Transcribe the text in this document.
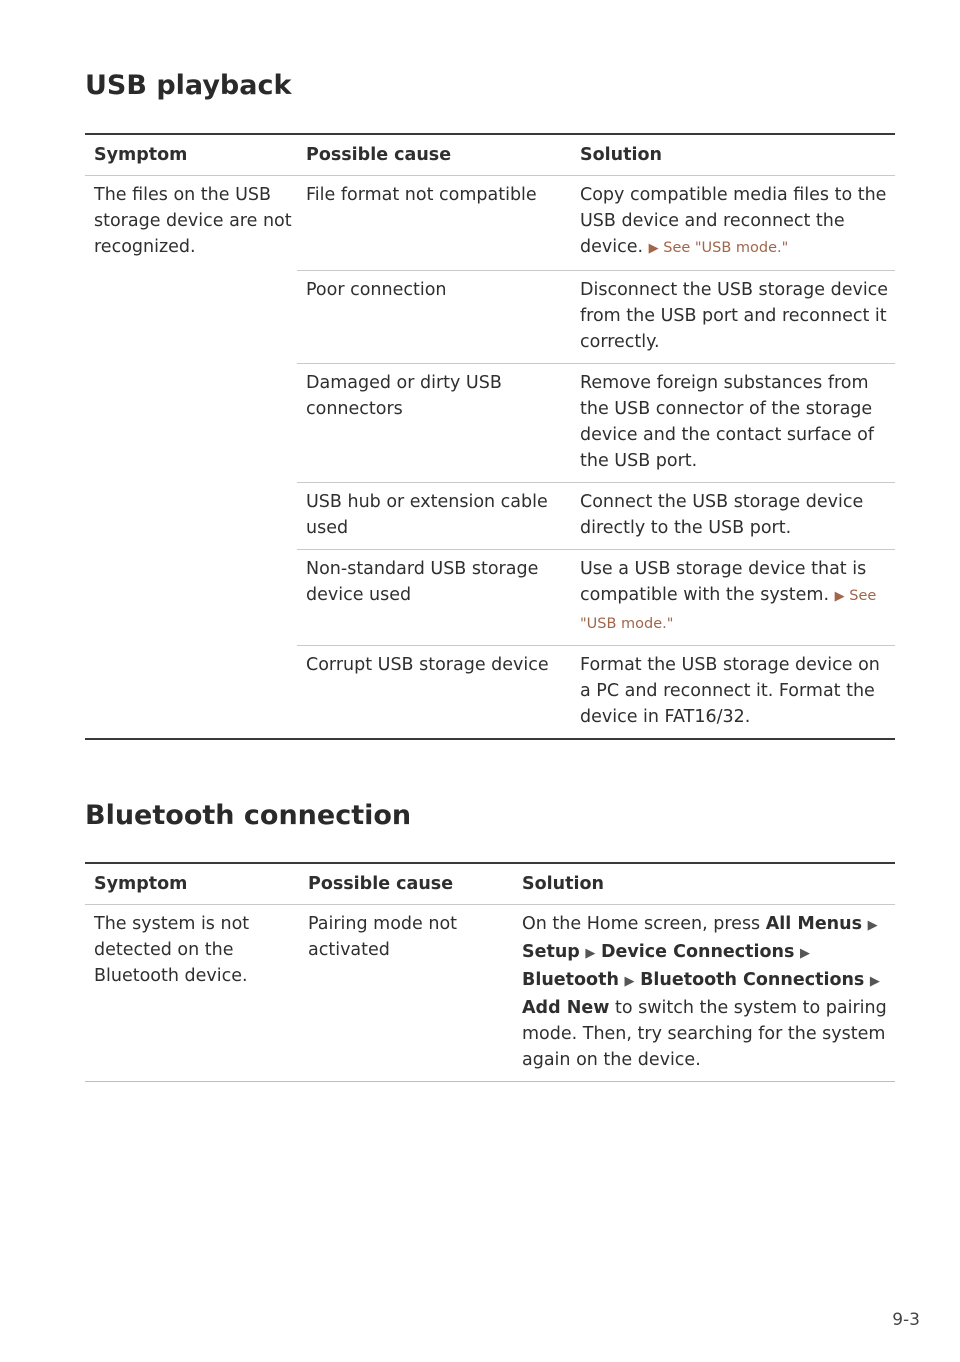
USB playback
Symptom	Possible cause	Solution
The files on the USB storage device are not recognized.	File format not compatible	Copy compatible media files to the USB device and reconnect the device. ▶ See "USB mode."
	Poor connection	Disconnect the USB storage device from the USB port and reconnect it correctly.
	Damaged or dirty USB connectors	Remove foreign substances from the USB connector of the storage device and the contact surface of the USB port.
	USB hub or extension cable used	Connect the USB storage device directly to the USB port.
	Non-standard USB storage device used	Use a USB storage device that is compatible with the system. ▶ See "USB mode."
	Corrupt USB storage device	Format the USB storage device on a PC and reconnect it. Format the device in FAT16/32.
Bluetooth connection
Symptom	Possible cause	Solution
The system is not detected on the Bluetooth device.	Pairing mode not activated	On the Home screen, press All Menus ▶ Setup ▶ Device Connections ▶ Bluetooth ▶ Bluetooth Connections ▶ Add New to switch the system to pairing mode. Then, try searching for the system again on the device.
9-3
